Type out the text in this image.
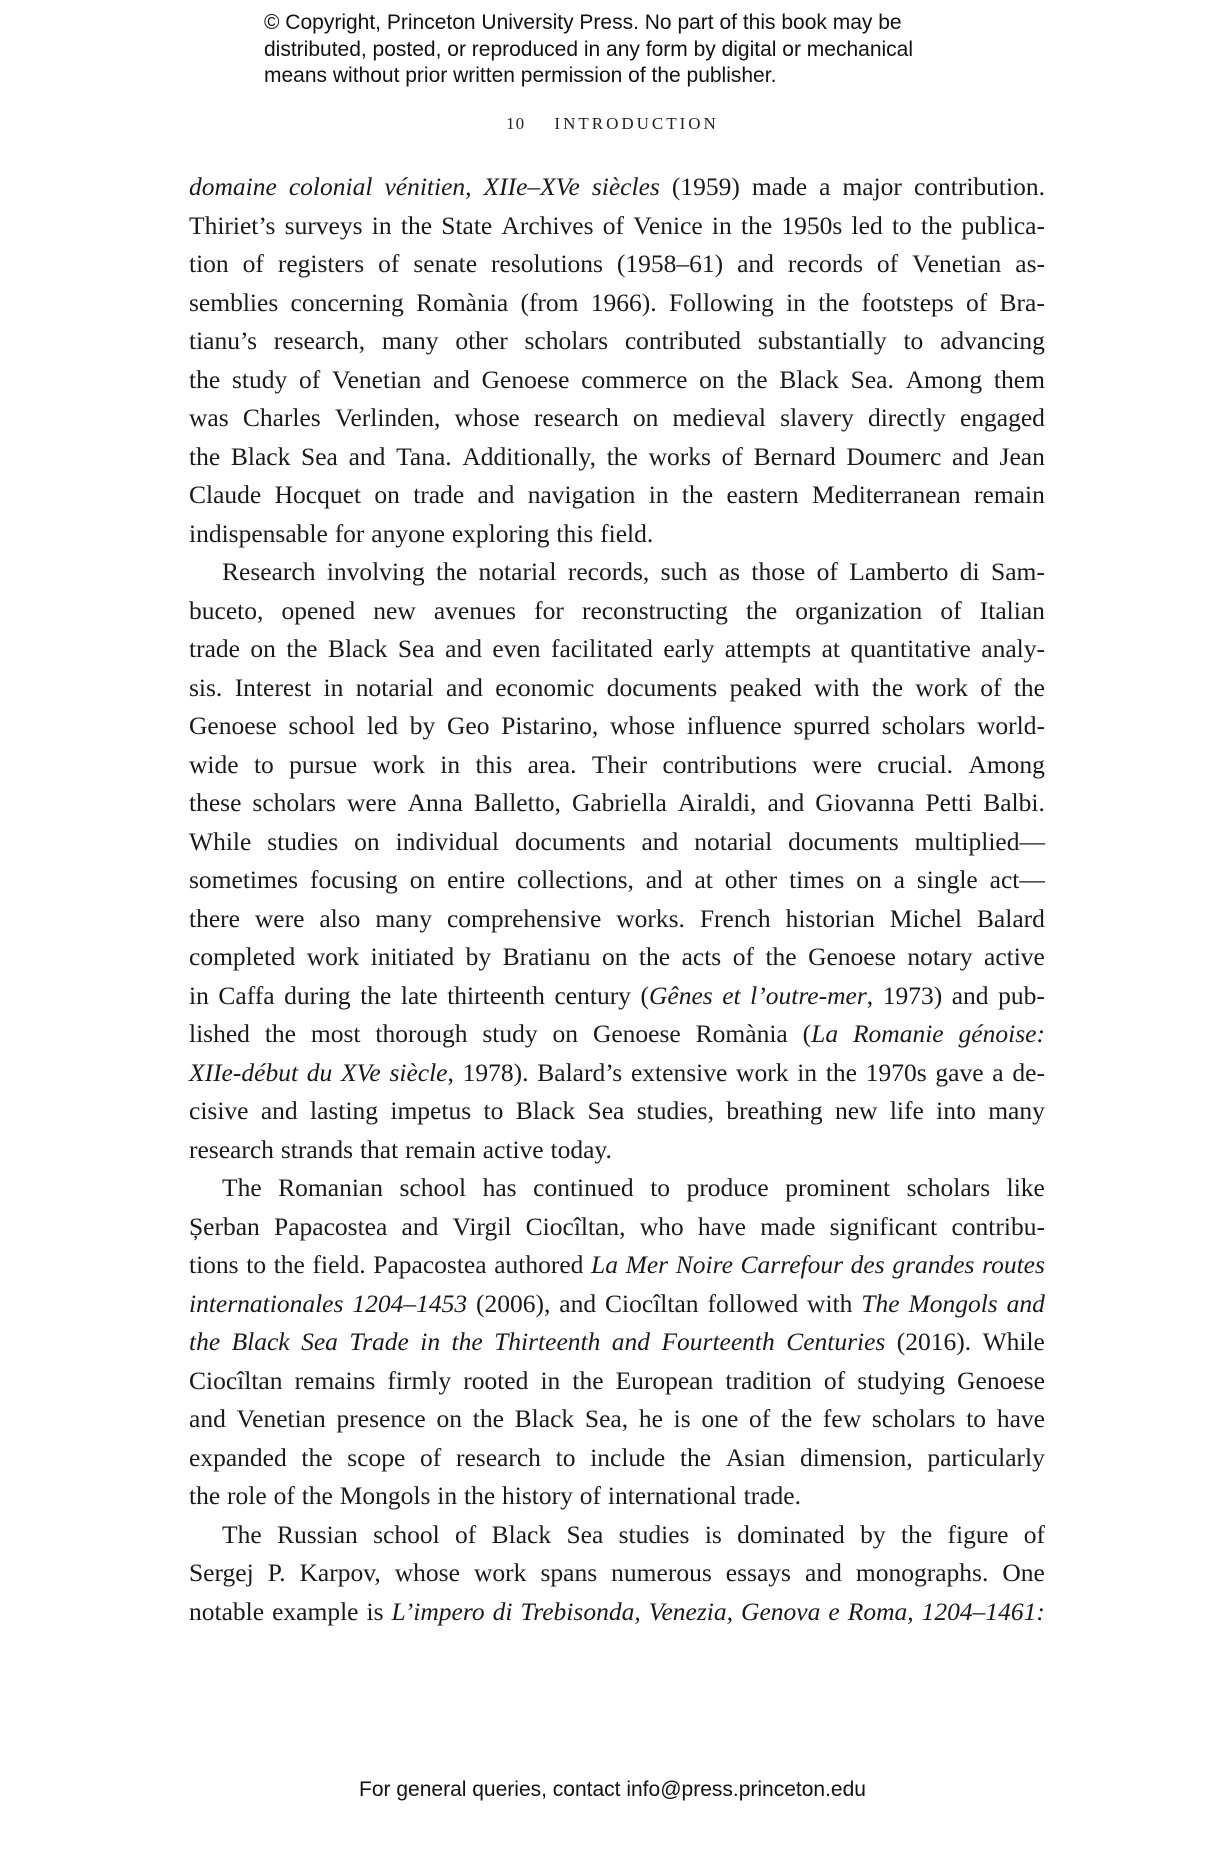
© Copyright, Princeton University Press. No part of this book may be
distributed, posted, or reproduced in any form by digital or mechanical
means without prior written permission of the publisher.
10 INTRODUCTION
domaine colonial vénitien, XIIe–XVe siècles (1959) made a major contribution.
Thiriet’s surveys in the State Archives of Venice in the 1950s led to the publica-
tion of registers of senate resolutions (1958–61) and records of Venetian as-
semblies concerning Romània (from 1966). Following in the footsteps of Bra-
tianu’s research, many other scholars contributed substantially to advancing
the study of Venetian and Genoese commerce on the Black Sea. Among them
was Charles Verlinden, whose research on medieval slavery directly engaged
the Black Sea and Tana. Additionally, the works of Bernard Doumerc and Jean
Claude Hocquet on trade and navigation in the eastern Mediterranean remain
indispensable for anyone exploring this field.
Research involving the notarial records, such as those of Lamberto di Sam-
buceto, opened new avenues for reconstructing the organization of Italian
trade on the Black Sea and even facilitated early attempts at quantitative analy-
sis. Interest in notarial and economic documents peaked with the work of the
Genoese school led by Geo Pistarino, whose influence spurred scholars world-
wide to pursue work in this area. Their contributions were crucial. Among
these scholars were Anna Balletto, Gabriella Airaldi, and Giovanna Petti Balbi.
While studies on individual documents and notarial documents multiplied—
sometimes focusing on entire collections, and at other times on a single act—
there were also many comprehensive works. French historian Michel Balard
completed work initiated by Bratianu on the acts of the Genoese notary active
in Caffa during the late thirteenth century (Gênes et l’outre-mer, 1973) and pub-
lished the most thorough study on Genoese Romània (La Romanie génoise:
XIIe-début du XVe siècle, 1978). Balard’s extensive work in the 1970s gave a de-
cisive and lasting impetus to Black Sea studies, breathing new life into many
research strands that remain active today.
The Romanian school has continued to produce prominent scholars like
Șerban Papacostea and Virgil Ciocîltan, who have made significant contribu-
tions to the field. Papacostea authored La Mer Noire Carrefour des grandes routes
internationales 1204–1453 (2006), and Ciocîltan followed with The Mongols and
the Black Sea Trade in the Thirteenth and Fourteenth Centuries (2016). While
Ciocîltan remains firmly rooted in the European tradition of studying Genoese
and Venetian presence on the Black Sea, he is one of the few scholars to have
expanded the scope of research to include the Asian dimension, particularly
the role of the Mongols in the history of international trade.
The Russian school of Black Sea studies is dominated by the figure of
Sergej P. Karpov, whose work spans numerous essays and monographs. One
notable example is L’impero di Trebisonda, Venezia, Genova e Roma, 1204–1461:
For general queries, contact info@press.princeton.edu
